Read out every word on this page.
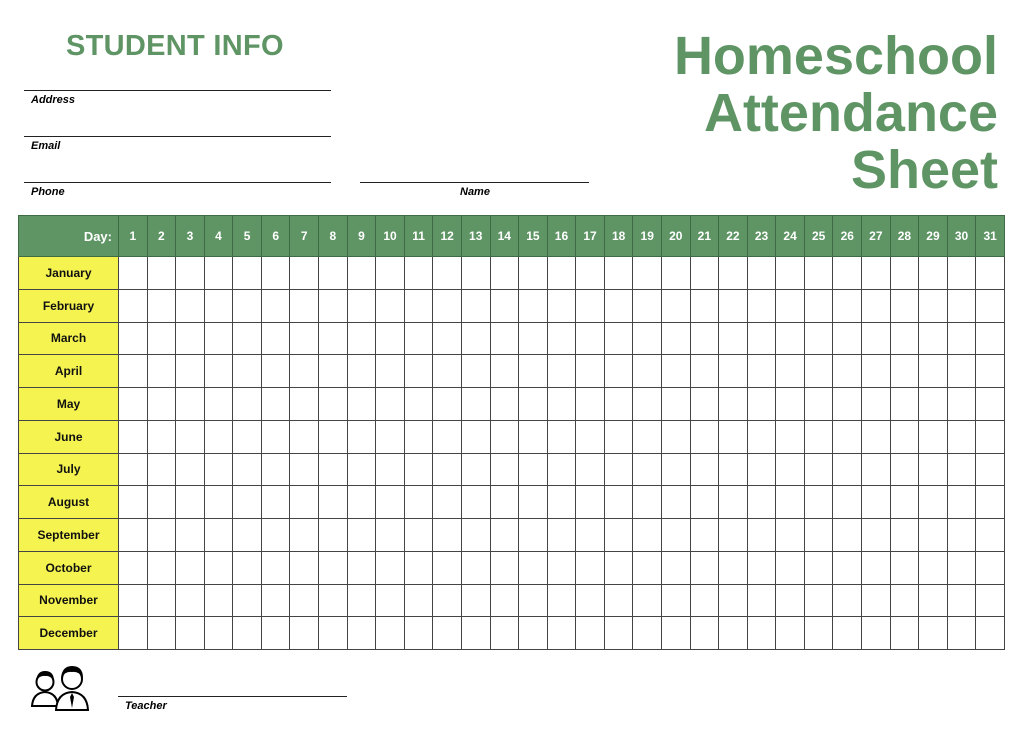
STUDENT INFO
Address
Email
Phone	Name
Homeschool
Attendance
Sheet
Day:	1	2	3	4	5	6	7	8	9	10	11	12	13	14	15	16	17	18	19	20	21	22	23	24	25	26	27	28	29	30	31
January																															
February																															
March																															
April																															
May																															
June																															
July																															
August																															
September																															
October																															
November																															
December																															
Teacher
